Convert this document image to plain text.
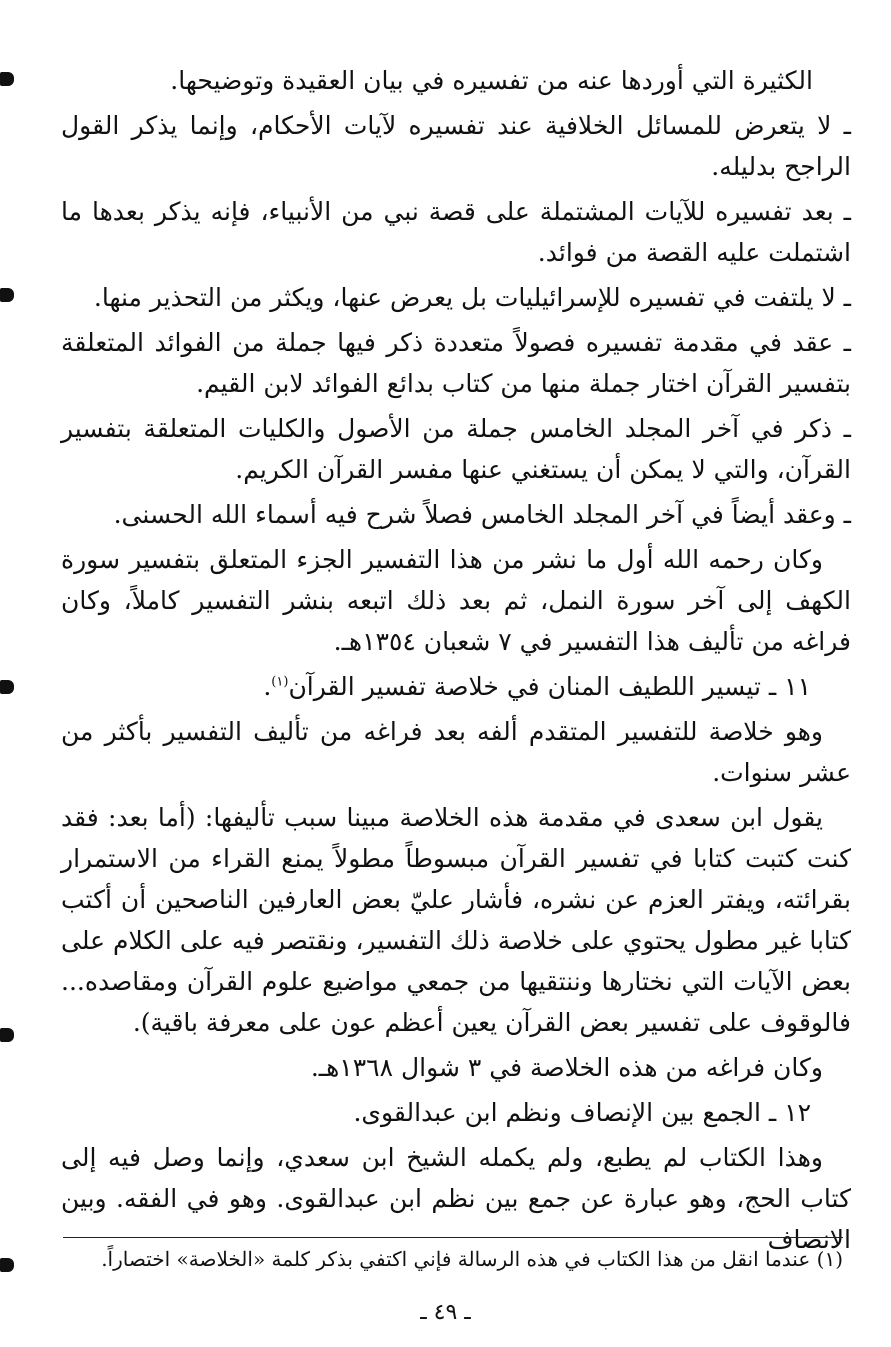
الكثيرة التي أوردها عنه من تفسيره في بيان العقيدة وتوضيحها.

ـ لا يتعرض للمسائل الخلافية عند تفسيره لآيات الأحكام، وإنما يذكر القول الراجح بدليله.

ـ بعد تفسيره للآيات المشتملة على قصة نبي من الأنبياء، فإنه يذكر بعدها ما اشتملت عليه القصة من فوائد.

ـ لا يلتفت في تفسيره للإسرائيليات بل يعرض عنها، ويكثر من التحذير منها.

ـ عقد في مقدمة تفسيره فصولاً متعددة ذكر فيها جملة من الفوائد المتعلقة بتفسير القرآن اختار جملة منها من كتاب بدائع الفوائد لابن القيم.

ـ ذكر في آخر المجلد الخامس جملة من الأصول والكليات المتعلقة بتفسير القرآن، والتي لا يمكن أن يستغني عنها مفسر القرآن الكريم.

ـ وعقد أيضاً في آخر المجلد الخامس فصلاً شرح فيه أسماء الله الحسنى.

وكان رحمه الله أول ما نشر من هذا التفسير الجزء المتعلق بتفسير سورة الكهف إلى آخر سورة النمل، ثم بعد ذلك اتبعه بنشر التفسير كاملاً، وكان فراغه من تأليف هذا التفسير في ٧ شعبان ١٣٥٤هـ.

١١ ـ تيسير اللطيف المنان في خلاصة تفسير القرآن$^{(١)}$.

وهو خلاصة للتفسير المتقدم ألفه بعد فراغه من تأليف التفسير بأكثر من عشر سنوات.

يقول ابن سعدى في مقدمة هذه الخلاصة مبينا سبب تأليفها: (أما بعد: فقد كنت كتبت كتابا في تفسير القرآن مبسوطاً مطولاً يمنع القراء من الاستمرار بقرائته، ويفتر العزم عن نشره، فأشار عليّ بعض العارفين الناصحين أن أكتب كتابا غير مطول يحتوي على خلاصة ذلك التفسير، ونقتصر فيه على الكلام على بعض الآيات التي نختارها وننتقيها من جمعي مواضيع علوم القرآن ومقاصده... فالوقوف على تفسير بعض القرآن يعين أعظم عون على معرفة باقية).

وكان فراغه من هذه الخلاصة في ٣ شوال ١٣٦٨هـ.

١٢ ـ الجمع بين الإنصاف ونظم ابن عبدالقوى.

وهذا الكتاب لم يطبع، ولم يكمله الشيخ ابن سعدي، وإنما وصل فيه إلى كتاب الحج، وهو عبارة عن جمع بين نظم ابن عبدالقوى. وهو في الفقه. وبين الانصاف

(١) عندما انقل من هذا الكتاب في هذه الرسالة فإني اكتفي بذكر كلمة «الخلاصة» اختصاراً.
ـ ٤٩ ـ
